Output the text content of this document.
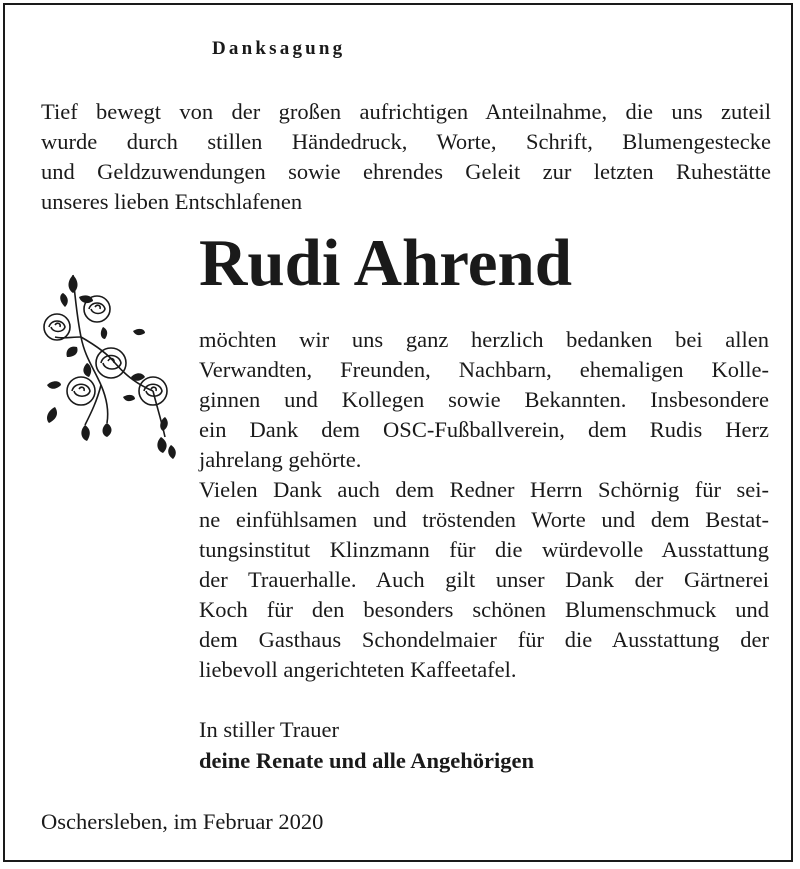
Danksagung
Tief bewegt von der großen aufrichtigen Anteilnahme, die uns zuteil
wurde durch stillen Händedruck, Worte, Schrift, Blumengestecke
und Geldzuwendungen sowie ehrendes Geleit zur letzten Ruhestätte
unseres lieben Entschlafenen
Rudi Ahrend
möchten wir uns ganz herzlich bedanken bei allen
Verwandten, Freunden, Nachbarn, ehemaligen Kolle-
ginnen und Kollegen sowie Bekannten. Insbesondere
ein Dank dem OSC-Fußballverein, dem Rudis Herz
jahrelang gehörte.
Vielen Dank auch dem Redner Herrn Schörnig für sei-
ne einfühlsamen und tröstenden Worte und dem Bestat-
tungsinstitut Klinzmann für die würdevolle Ausstattung
der Trauerhalle. Auch gilt unser Dank der Gärtnerei
Koch für den besonders schönen Blumenschmuck und
dem Gasthaus Schondelmaier für die Ausstattung der
liebevoll angerichteten Kaffeetafel.
In stiller Trauer
deine Renate und alle Angehörigen
Oschersleben, im Februar 2020
